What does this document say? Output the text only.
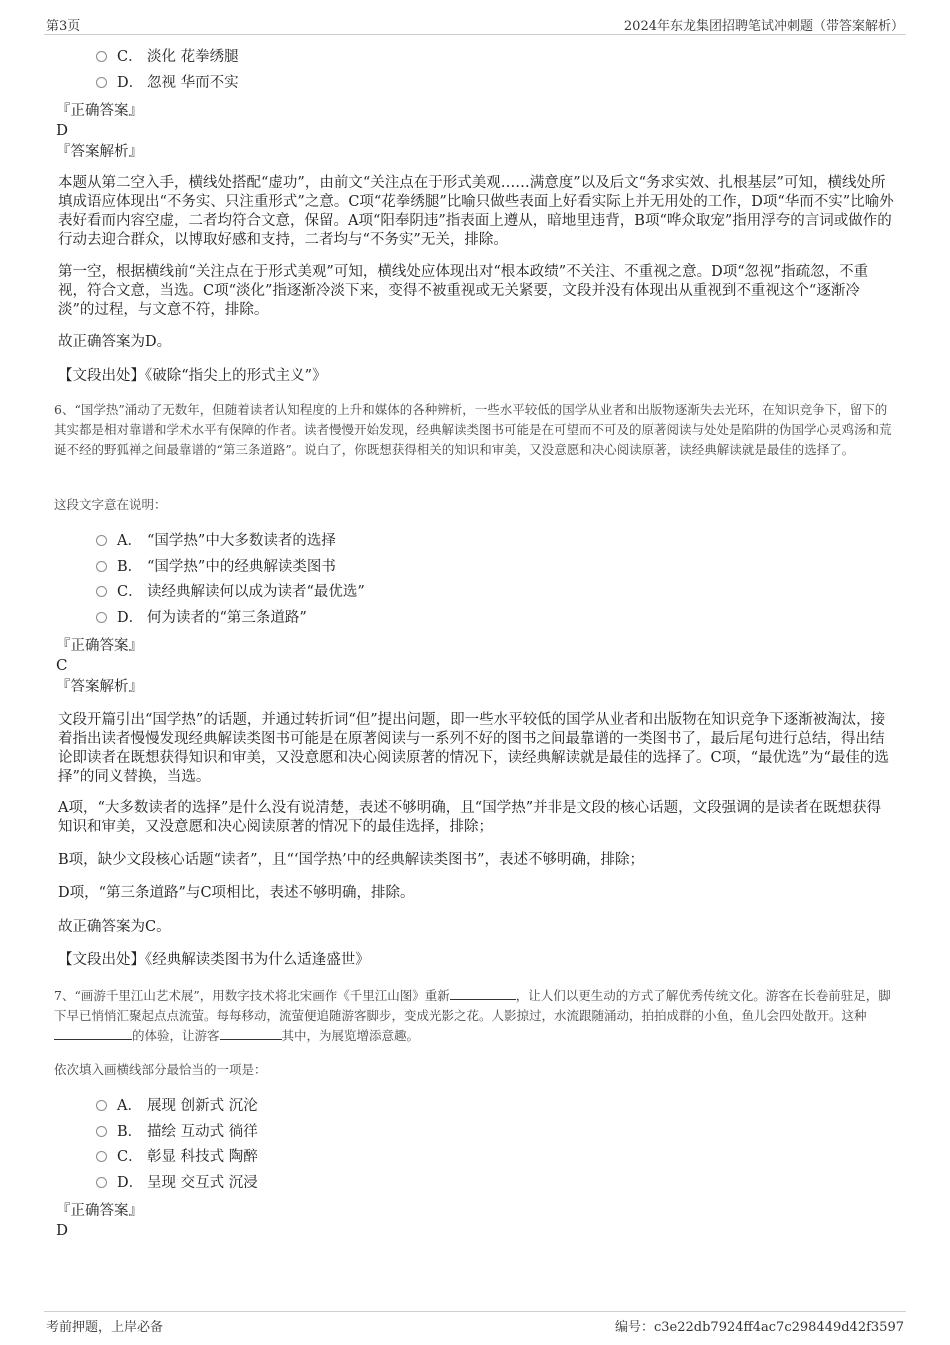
第3页	2024年东龙集团招聘笔试冲刺题（带答案解析）
C． 淡化 花拳绣腿
D． 忽视 华而不实
『正确答案』
D
『答案解析』
本题从第二空入手，横线处搭配“虚功”，由前文“关注点在于形式美观……满意度”以及后文“务求实效、扎根基层”可知，横线处所填成语应体现出“不务实、只注重形式”之意。C项“花拳绣腿”比喻只做些表面上好看实际上并无用处的工作，D项“华而不实”比喻外表好看而内容空虚，二者均符合文意，保留。A项“阳奉阴违”指表面上遵从，暗地里违背，B项“哗众取宠”指用浮夸的言词或做作的行动去迎合群众，以博取好感和支持，二者均与“不务实”无关，排除。
第一空，根据横线前“关注点在于形式美观”可知，横线处应体现出对“根本政绩”不关注、不重视之意。D项“忽视”指疏忽，不重视，符合文意，当选。C项“淡化”指逐渐冷淡下来，变得不被重视或无关紧要，文段并没有体现出从重视到不重视这个“逐渐冷淡”的过程，与文意不符，排除。
故正确答案为D。
【文段出处】《破除“指尖上的形式主义”》
6、“国学热”涌动了无数年，但随着读者认知程度的上升和媒体的各种辨析，一些水平较低的国学从业者和出版物逐渐失去光环，在知识竞争下，留下的其实都是相对靠谱和学术水平有保障的作者。读者慢慢开始发现，经典解读类图书可能是在可望而不可及的原著阅读与处处是陷阱的伪国学心灵鸡汤和荒诞不经的野狐禅之间最靠谱的“第三条道路”。说白了，你既想获得相关的知识和审美，又没意愿和决心阅读原著，读经典解读就是最佳的选择了。
这段文字意在说明：
A． “国学热”中大多数读者的选择
B． “国学热”中的经典解读类图书
C． 读经典解读何以成为读者“最优选”
D． 何为读者的“第三条道路”
『正确答案』
C
『答案解析』
文段开篇引出“国学热”的话题，并通过转折词“但”提出问题，即一些水平较低的国学从业者和出版物在知识竞争下逐渐被淘汰，接着指出读者慢慢发现经典解读类图书可能是在原著阅读与一系列不好的图书之间最靠谱的一类图书了，最后尾句进行总结，得出结论即读者在既想获得知识和审美，又没意愿和决心阅读原著的情况下，读经典解读就是最佳的选择了。C项，“最优选”为“最佳的选择”的同义替换，当选。
A项，“大多数读者的选择”是什么没有说清楚，表述不够明确，且“国学热”并非是文段的核心话题，文段强调的是读者在既想获得知识和审美，又没意愿和决心阅读原著的情况下的最佳选择，排除；
B项，缺少文段核心话题“读者”，且“‘国学热’中的经典解读类图书”，表述不够明确，排除；
D项，“第三条道路”与C项相比，表述不够明确，排除。
故正确答案为C。
【文段出处】《经典解读类图书为什么适逢盛世》
7、“画游千里江山艺术展”，用数字技术将北宋画作《千里江山图》重新	，让人们以更生动的方式了解优秀传统文化。游客在长卷前驻足，脚下早已悄悄汇聚起点点流萤。每每移动，流萤便追随游客脚步，变成光影之花。人影掠过，水流跟随涌动，拍拍成群的小鱼，鱼儿会四处散开。这种的体验，让游客	其中，为展览增添意趣。
依次填入画横线部分最恰当的一项是：
A． 展现 创新式 沉沦
B． 描绘 互动式 徜徉
C． 彰显 科技式 陶醉
D． 呈现 交互式 沉浸
『正确答案』
D
考前押题，上岸必备	编号：c3e22db7924ff4ac7c298449d42f3597
